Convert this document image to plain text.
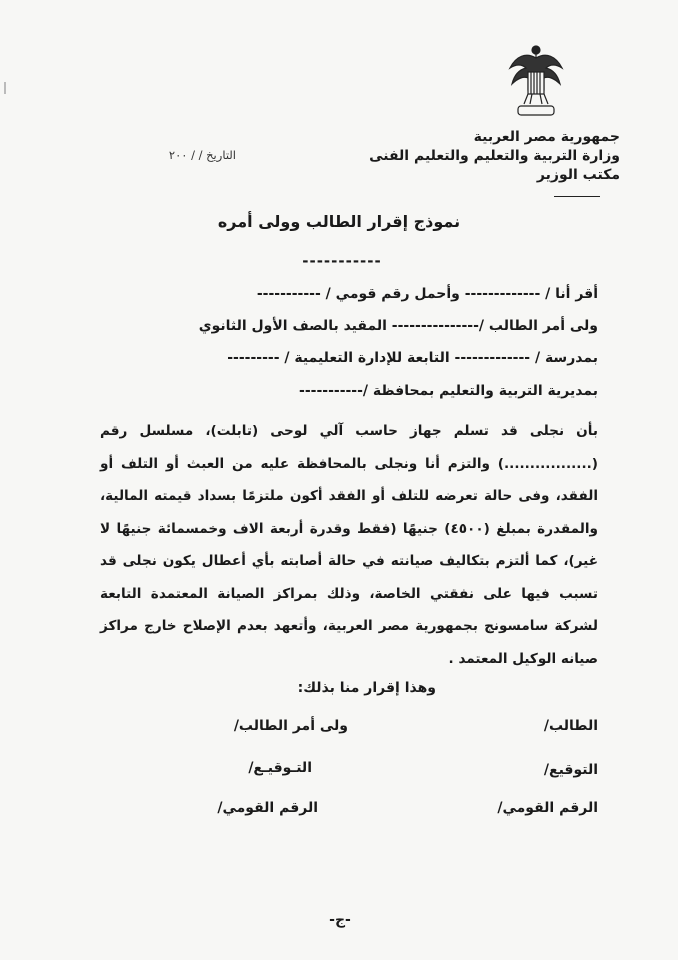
جمهورية مصر العربية
وزارة التربية والتعليم والتعليم الفنى
مكتب الوزير
التاريخ / / ٢٠٠
نموذج إقرار الطالب وولى أمره
-----------
أقر أنا / ------------- وأحمل رقم قومي / -----------
ولى أمر الطالب /--------------- المقيد بالصف الأول الثانوي
بمدرسة / ------------- التابعة للإدارة التعليمية / ---------
بمديرية التربية والتعليم بمحافظة /-----------
بأن نجلى قد تسلم جهاز حاسب آلي لوحى (تابلت)، مسلسل رقم (.................) والتزم أنا ونجلى بالمحافظة عليه من العبث أو التلف أو الفقد، وفى حالة تعرضه للتلف أو الفقد أكون ملتزمًا بسداد قيمته المالية، والمقدرة بمبلغ (٤٥٠٠) جنيهًا (فقط وقدرة أربعة الاف وخمسمائة جنيهًا لا غير)، كما ألتزم بتكاليف صيانته في حالة أصابته بأي أعطال يكون نجلى قد تسبب فيها على نفقتي الخاصة، وذلك بمراكز الصيانة المعتمدة التابعة لشركة سامسونج بجمهورية مصر العربية، وأتعهد بعدم الإصلاح خارج مراكز صيانه الوكيل المعتمد .
وهذا إقرار منا بذلك:
الطالب/
ولى أمر الطالب/
التوقيع/
التـوقيـع/
الرقم القومي/
الرقم القومي/
-ج-
